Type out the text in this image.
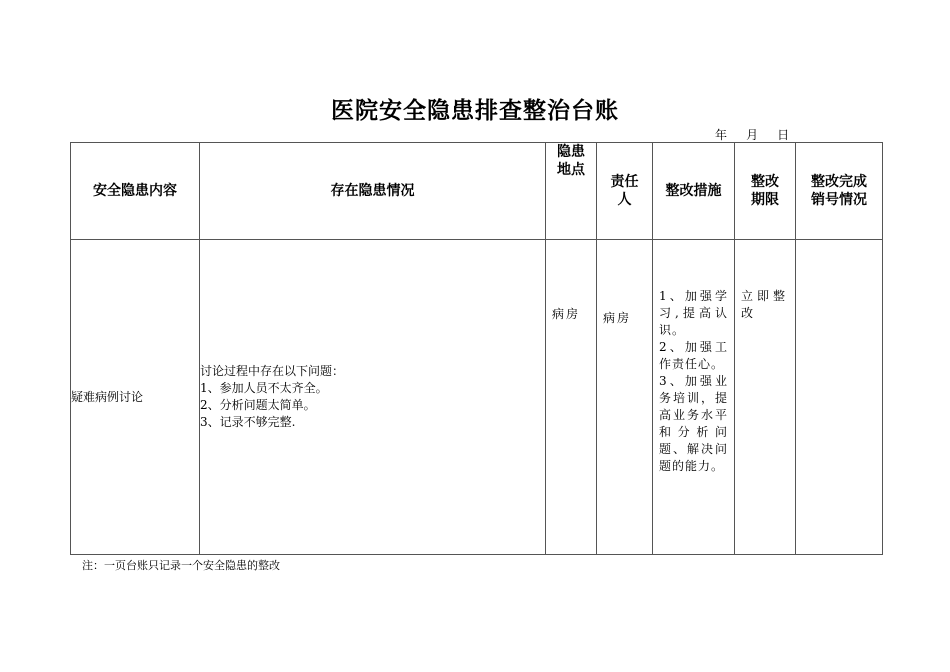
医院安全隐患排查整治台账
年     月     日
安全隐患内容	存在隐患情况	隐患地点	责任人	整改措施	整改期限	整改完成销号情况
疑难病例讨论	讨论过程中存在以下问题：
1、参加人员不太齐全。
2、分析问题太简单。
3、记录不够完整.	病房	病房	1、加强学习,提高认识。
2、加强工作责任心。
3、加强业务培训，提高业务水平和分析问题、解决问题的能力。	立即整改	

注：一页台账只记录一个安全隐患的整改
